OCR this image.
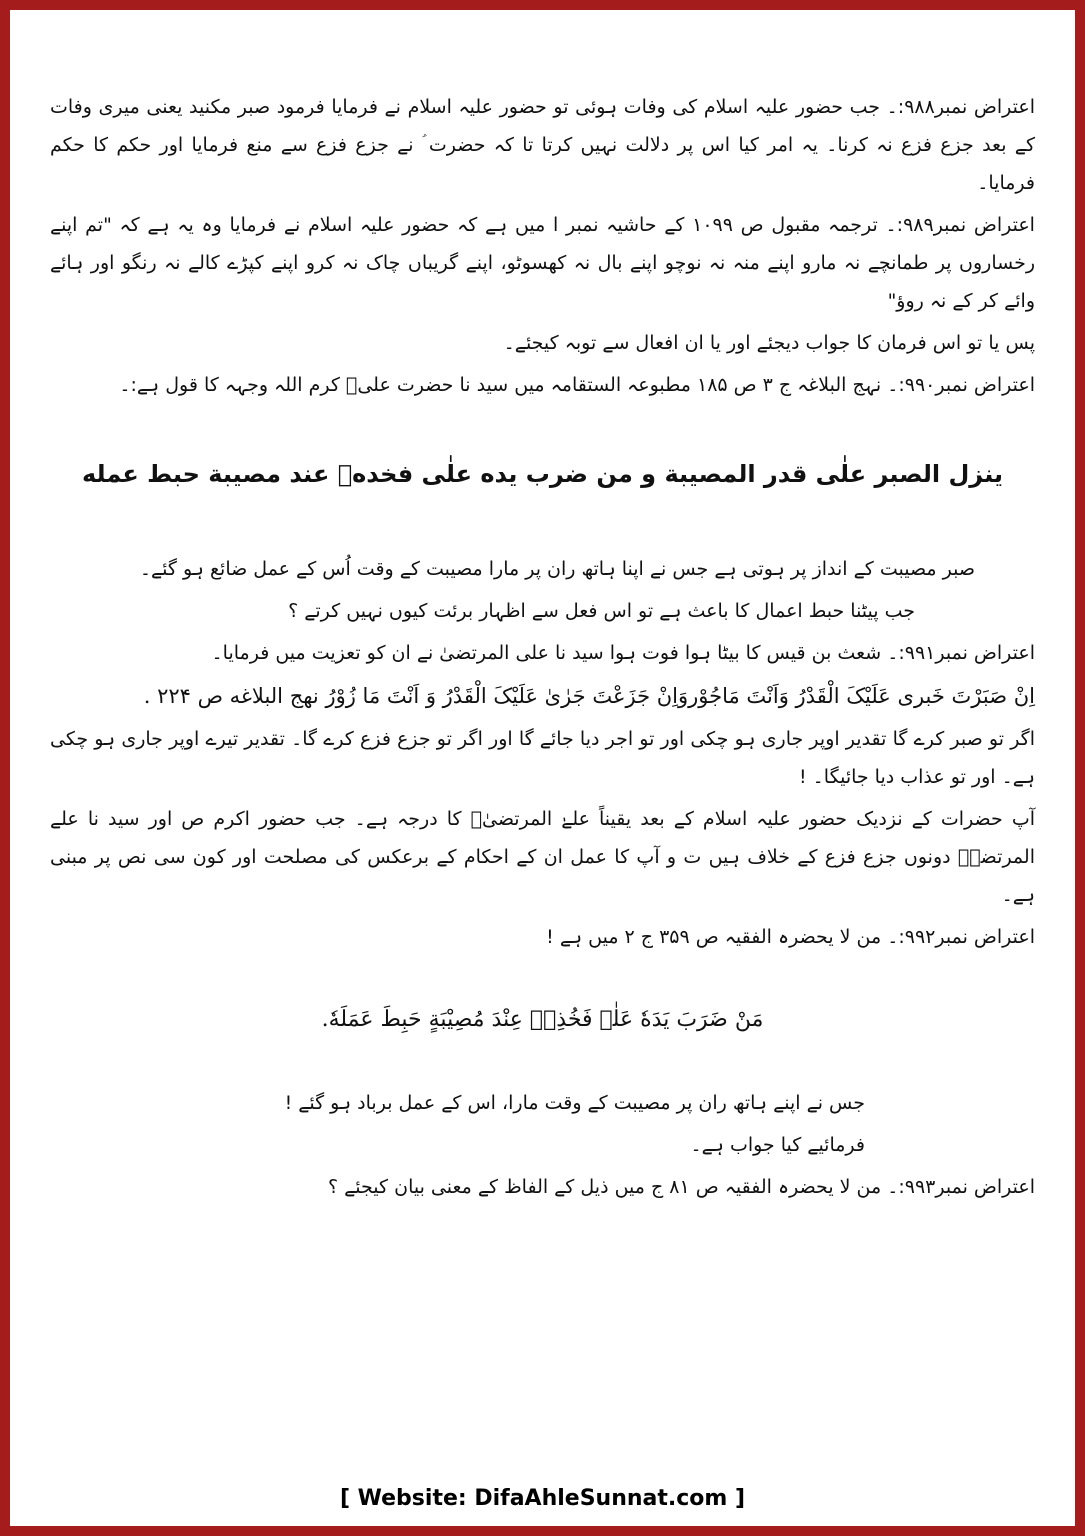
اعتراض نمبر۹۸۸:۔ جب حضور علیہ اسلام کی وفات ہوئی تو حضور علیہ اسلام نے فرمایا فرمود صبر مکنید یعنی میری وفات کے بعد جزع فزع نہ کرنا۔ یہ امر کیا اس پر دلالت نہیں کرتا تا کہ حضرت ؑ نے جزع فزع سے منع فرمایا اور حکم کا حکم فرمایا۔

اعتراض نمبر۹۸۹:۔ ترجمہ مقبول ص ۱۰۹۹ کے حاشیہ نمبر ا میں ہے کہ حضور علیہ اسلام نے فرمایا وہ یہ ہے کہ "تم اپنے رخساروں پر طمانچے نہ مارو اپنے منہ نہ نوچو اپنے بال نہ کھسوٹو، اپنے گریباں چاک نہ کرو اپنے کپڑے کالے نہ رنگو اور ہائے وائے کر کے نہ روؤ"

پس یا تو اس فرمان کا جواب دیجئے اور یا ان افعال سے توبہ کیجئے۔

اعتراض نمبر۹۹۰:۔ نہج البلاغہ ج ۳ ص ۱۸۵ مطبوعہ الستقامہ میں سید نا حضرت علیؓ کرم اللہ وجہہ کا قول ہے:۔

ینزل الصبر علٰی قدر المصیبة و من ضرب یده علٰی فخدهٖ عند مصیبة حبط عمله

صبر مصیبت کے انداز پر ہوتی ہے جس نے اپنا ہاتھ ران پر مارا مصیبت کے وقت اُس کے عمل ضائع ہو گئے۔

جب پیٹنا حبط اعمال کا باعث ہے تو اس فعل سے اظہار برئت کیوں نہیں کرتے ؟

اعتراض نمبر۹۹۱:۔ شعث بن قیس کا بیٹا ہوا فوت ہوا سید نا علی المرتضیٰ نے ان کو تعزیت میں فرمایا۔

اِنْ صَبَرْتَ خَبری عَلَیْکَ الْقَدْرُ وَاَنْتَ مَاجُوْروَاِنْ جَزَعْتَ جَرٰیٰ عَلَیْکَ الْقَدْرُ وَ اَنْتَ مَا زُوْرُ نهج البلاغه ص ۲۲۴ .

اگر تو صبر کرے گا تقدیر اوپر جاری ہو چکی اور تو اجر دیا جائے گا اور اگر تو جزع فزع کرے گا۔ تقدیر تیرے اوپر جاری ہو چکی ہے۔ اور تو عذاب دیا جائیگا۔ !

آپ حضرات کے نزدیک حضور علیہ اسلام کے بعد یقیناً علےٰ المرتضیٰؓ کا درجہ ہے۔ جب حضور اکرم ص اور سید نا علے المرتضےؓ دونوں جزع فزع کے خلاف ہیں ت و آپ کا عمل ان کے احکام کے برعکس کی مصلحت اور کون سی نص پر مبنی ہے۔

اعتراض نمبر۹۹۲:۔ من لا یحضرہ الفقیہ ص ۳۵۹ ج ۲ میں ہے !

مَنْ ضَرَبَ یَدَهٗ عَلٰے فَخُذِهٖ عِنْدَ مُصِیْبَةٍ حَبِطَ عَمَلَهٗ.

جس نے اپنے ہاتھ ران پر مصیبت کے وقت مارا، اس کے عمل برباد ہو گئے !

فرمائیے کیا جواب ہے۔

اعتراض نمبر۹۹۳:۔ من لا یحضرہ الفقیہ ص ۸۱ ج میں ذیل کے الفاظ کے معنی بیان کیجئے ؟

[ Website: DifaAhleSunnat.com ]
